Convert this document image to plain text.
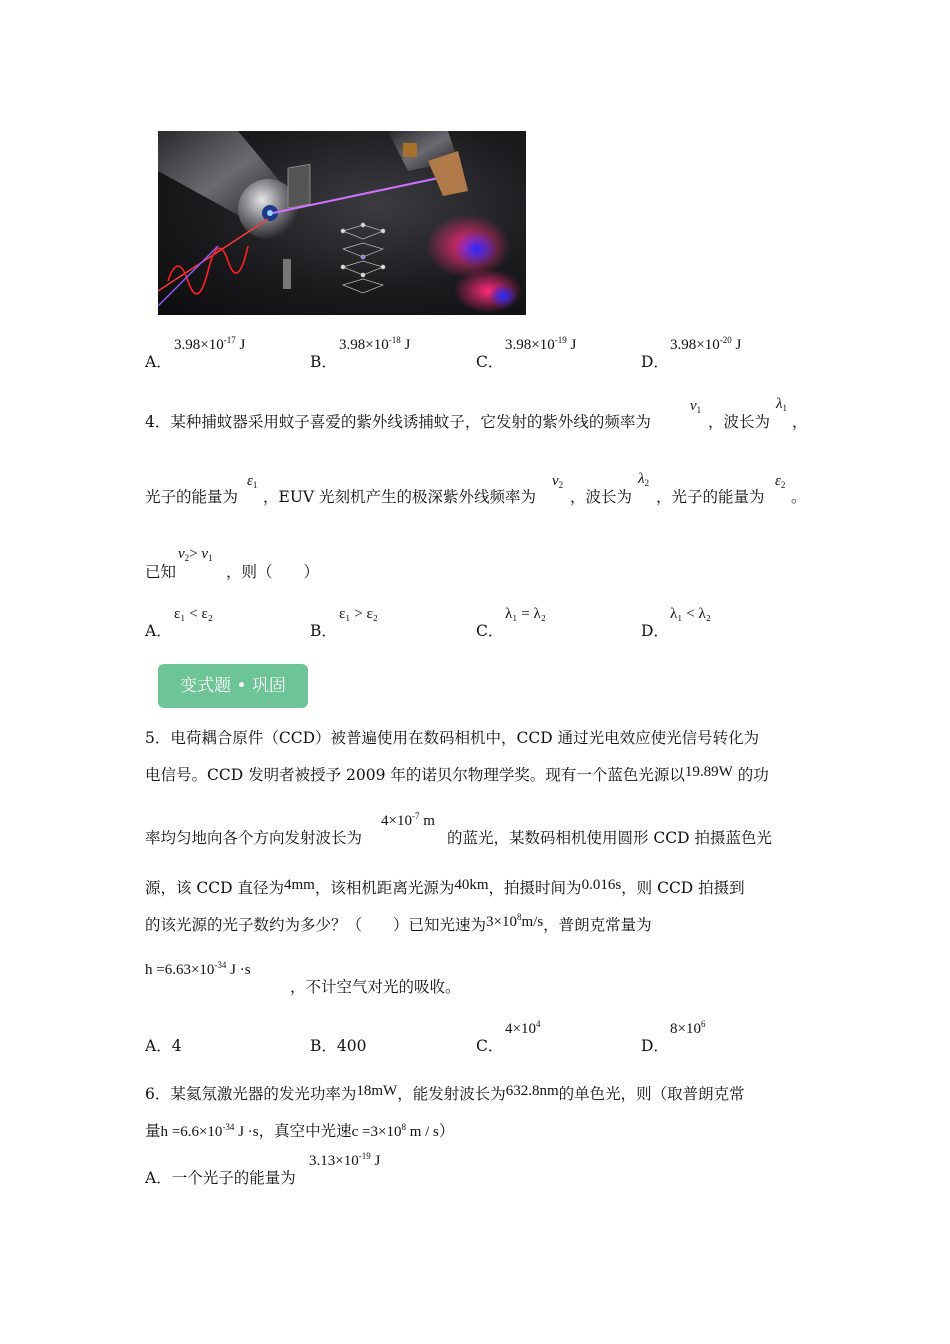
A．
$3.98\times 10^{-17}$ J
B．
$3.98\times 10^{-18}$ J
C．
$3.98\times 10^{-19}$ J
D．
$3.98\times 10^{-20}$ J
4．某种捕蚊器采用蚊子喜爱的紫外线诱捕蚊子，它发射的紫外线的频率为
$\nu_1$
，波长为
$\lambda_1$
，
光子的能量为
$\varepsilon_1$
，EUV 光刻机产生的极深紫外线频率为
$\nu_2$
，波长为
$\lambda_2$
，光子的能量为
$\varepsilon_2$
。
已知
$\nu_2> \nu_1$
，则（　　）
A．
ε₁ < ε₂
B．
ε₁ > ε₂
C．
λ₁ = λ₂
D．
λ₁ < λ₂
变式题 • 巩固
5．电荷耦合原件（CCD）被普遍使用在数码相机中，CCD 通过光电效应使光信号转化为
电信号。CCD 发明者被授予 2009 年的诺贝尔物理学奖。现有一个蓝色光源以19.89W 的功
率均匀地向各个方向发射波长为
$4\times 10^{-7}$ m
的蓝光，某数码相机使用圆形 CCD 拍摄蓝色光
源，该 CCD 直径为4mm，该相机距离光源为40km，拍摄时间为0.016s，则 CCD 拍摄到
的该光源的光子数约为多少？（　　）已知光速为$3\times 10^8m/s$，普朗克常量为
$h =6.63\times 10^{-34}$ J ·s
，不计空气对光的吸收。
A．4	B．400	C．
$4\times 10^4$
D．
$8\times 10^6$
6．某氦氖激光器的发光功率为18mW，能发射波长为632.8nm的单色光，则（取普朗克常
量$h =6.6\times 10^{-34}$ J ·s，真空中光速$c =3\times 10^8$ m / s）
A．一个光子的能量为
$3.13\times 10^{-19}$ J
